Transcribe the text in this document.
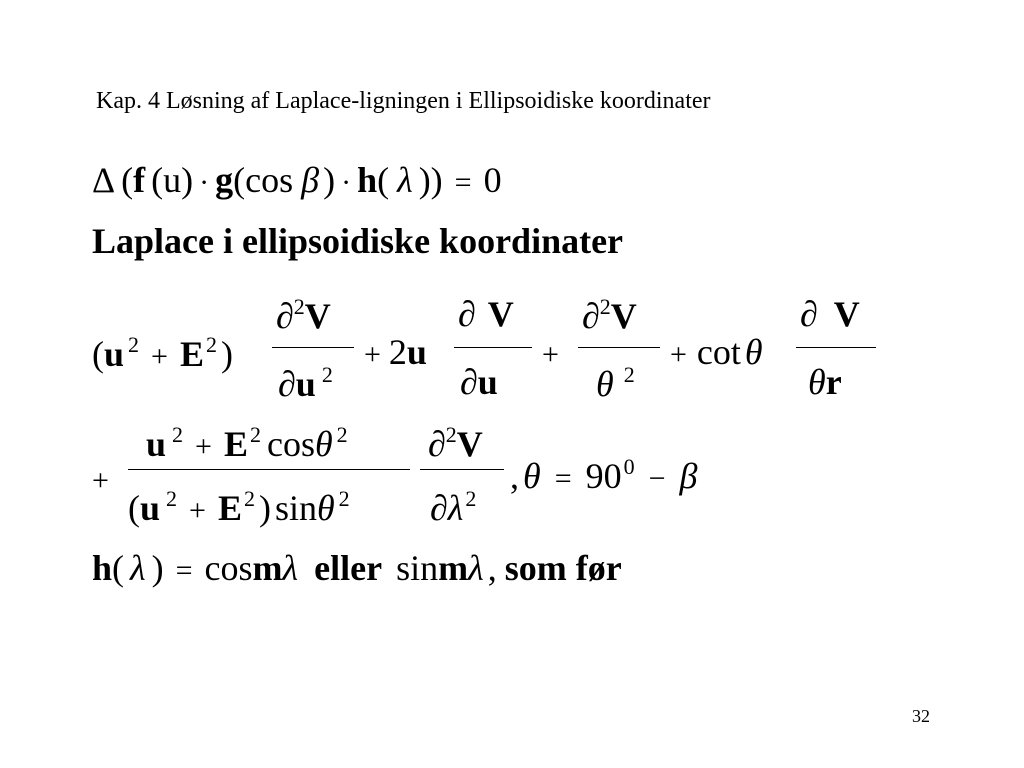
Kap. 4 Løsning af Laplace-ligningen i Ellipsoidiske koordinater
Δ (f (u) · g(cos β ) · h( λ )) = 0
Laplace i ellipsoidiske koordinater
(u $^2 + E^2$ )
∂$^2$V
∂u $^2$
+ 2u
∂ V
∂u
+
∂$^2$V
θ $^2$
+ cot θ
∂ V
θr
+
u $^2 + E^2$ cosθ $^2$
(u $^2 + E^2$ ) sinθ $^2$
∂$^2$V
$\partial\lambda^2$
, $\theta = 90^0 - \beta$
h( λ ) = cosmλ eller sinmλ , som før
32
